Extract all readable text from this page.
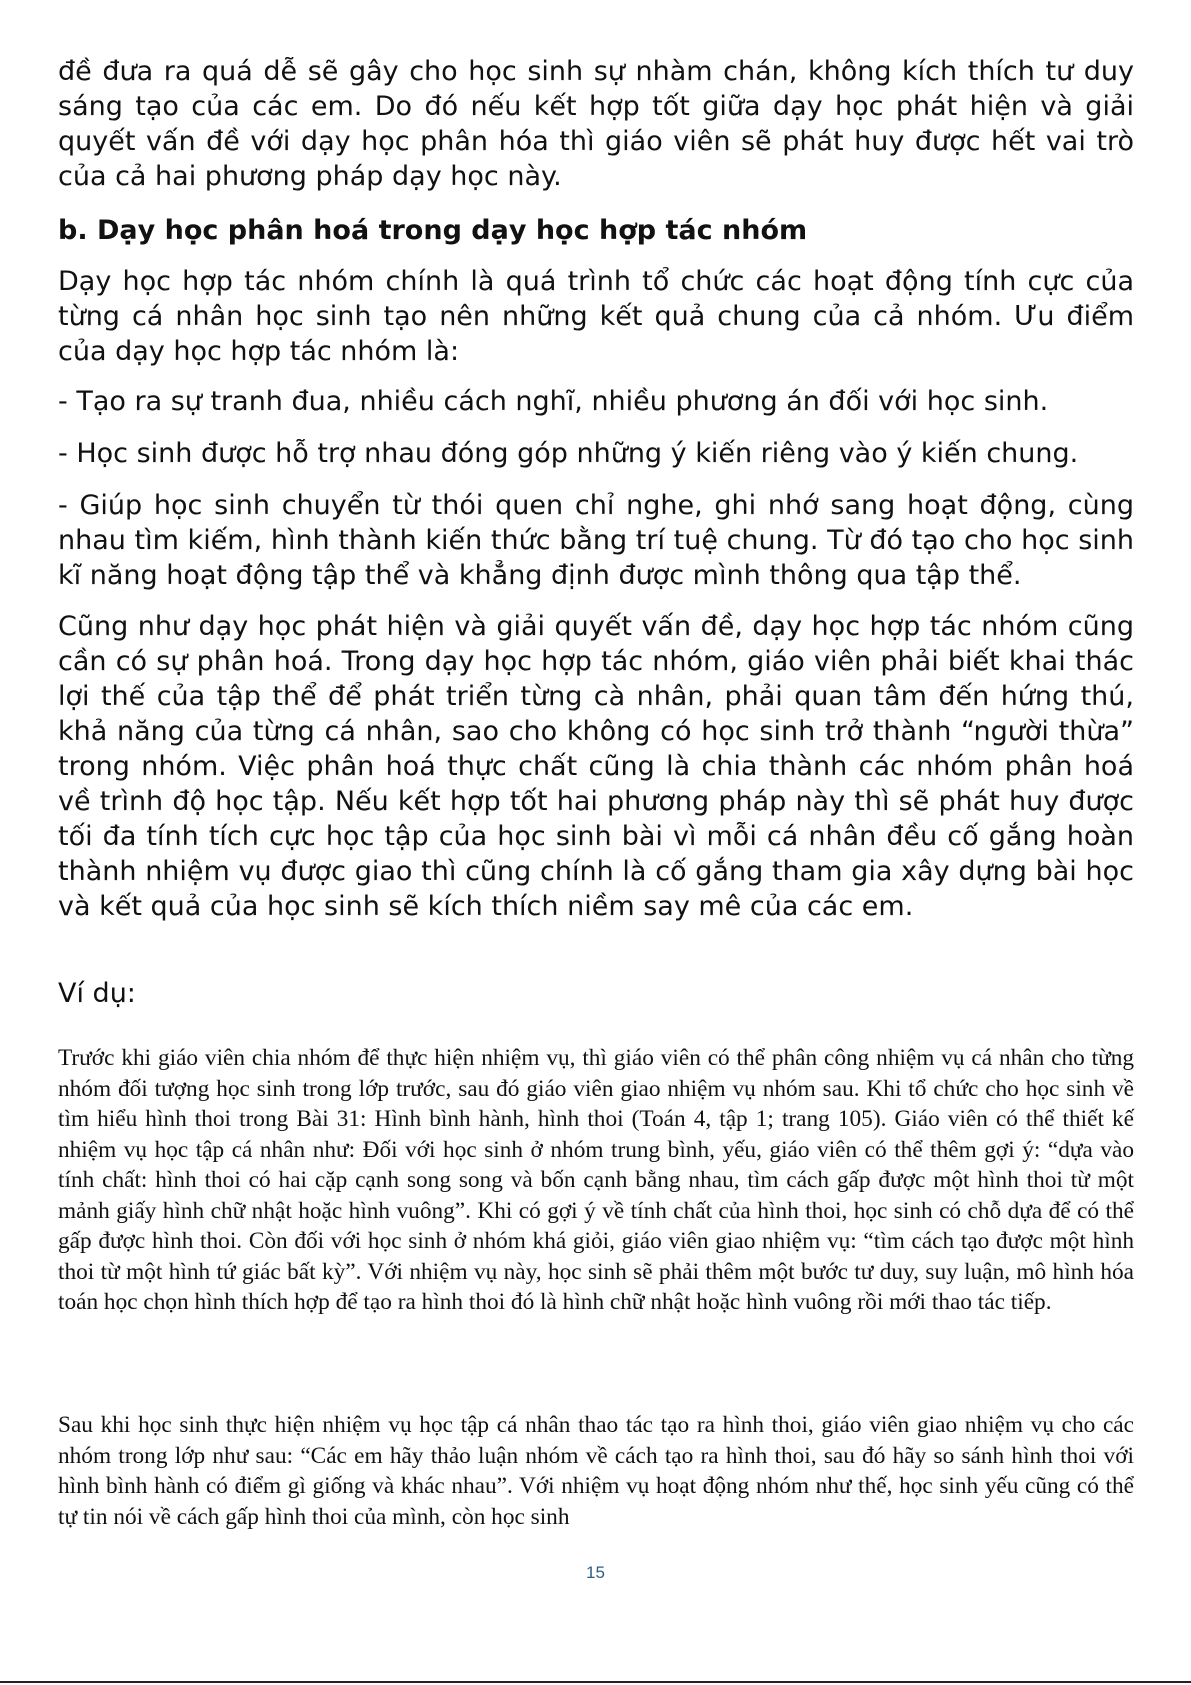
đề đưa ra quá dễ sẽ gây cho học sinh sự nhàm chán, không kích thích tư duy sáng tạo của các em. Do đó nếu kết hợp tốt giữa dạy học phát hiện và giải quyết vấn đề với dạy học phân hóa thì giáo viên sẽ phát huy được hết vai trò của cả hai phương pháp dạy học này.

b. Dạy học phân hoá trong dạy học hợp tác nhóm

Dạy học hợp tác nhóm chính là quá trình tổ chức các hoạt động tính cực của từng cá nhân học sinh tạo nên những kết quả chung của cả nhóm. Ưu điểm của dạy học hợp tác nhóm là:

- Tạo ra sự tranh đua, nhiều cách nghĩ, nhiều phương án đối với học sinh.

- Học sinh được hỗ trợ nhau đóng góp những ý kiến riêng vào ý kiến chung.

- Giúp học sinh chuyển từ thói quen chỉ nghe, ghi nhớ sang hoạt động, cùng nhau tìm kiếm, hình thành kiến thức bằng trí tuệ chung. Từ đó tạo cho học sinh kĩ năng hoạt động tập thể và khẳng định được mình thông qua tập thể.

Cũng như dạy học phát hiện và giải quyết vấn đề, dạy học hợp tác nhóm cũng cần có sự phân hoá. Trong dạy học hợp tác nhóm, giáo viên phải biết khai thác lợi thế của tập thể để phát triển từng cà nhân, phải quan tâm đến hứng thú, khả năng của từng cá nhân, sao cho không có học sinh trở thành “người thừa” trong nhóm. Việc phân hoá thực chất cũng là chia thành các nhóm phân hoá về trình độ học tập. Nếu kết hợp tốt hai phương pháp này thì sẽ phát huy được tối đa tính tích cực học tập của học sinh bài vì mỗi cá nhân đều cố gắng hoàn thành nhiệm vụ được giao thì cũng chính là cố gắng tham gia xây dựng bài học và kết quả của học sinh sẽ kích thích niềm say mê của các em.

Ví dụ:

Trước khi giáo viên chia nhóm để thực hiện nhiệm vụ, thì giáo viên có thể phân công nhiệm vụ cá nhân cho từng nhóm đối tượng học sinh trong lớp trước, sau đó giáo viên giao nhiệm vụ nhóm sau. Khi tổ chức cho học sinh về tìm hiểu hình thoi trong Bài 31: Hình bình hành, hình thoi (Toán 4, tập 1; trang 105). Giáo viên có thể thiết kế nhiệm vụ học tập cá nhân như: Đối với học sinh ở nhóm trung bình, yếu, giáo viên có thể thêm gợi ý: “dựa vào tính chất: hình thoi có hai cặp cạnh song song và bốn cạnh bằng nhau, tìm cách gấp được một hình thoi từ một mảnh giấy hình chữ nhật hoặc hình vuông”. Khi có gợi ý về tính chất của hình thoi, học sinh có chỗ dựa để có thể gấp được hình thoi. Còn đối với học sinh ở nhóm khá giỏi, giáo viên giao nhiệm vụ: “tìm cách tạo được một hình thoi từ một hình tứ giác bất kỳ”. Với nhiệm vụ này, học sinh sẽ phải thêm một bước tư duy, suy luận, mô hình hóa toán học chọn hình thích hợp để tạo ra hình thoi đó là hình chữ nhật hoặc hình vuông rồi mới thao tác tiếp.

Sau khi học sinh thực hiện nhiệm vụ học tập cá nhân thao tác tạo ra hình thoi, giáo viên giao nhiệm vụ cho các nhóm trong lớp như sau: “Các em hãy thảo luận nhóm về cách tạo ra hình thoi, sau đó hãy so sánh hình thoi với hình bình hành có điểm gì giống và khác nhau”. Với nhiệm vụ hoạt động nhóm như thế, học sinh yếu cũng có thể tự tin nói về cách gấp hình thoi của mình, còn học sinh

15
